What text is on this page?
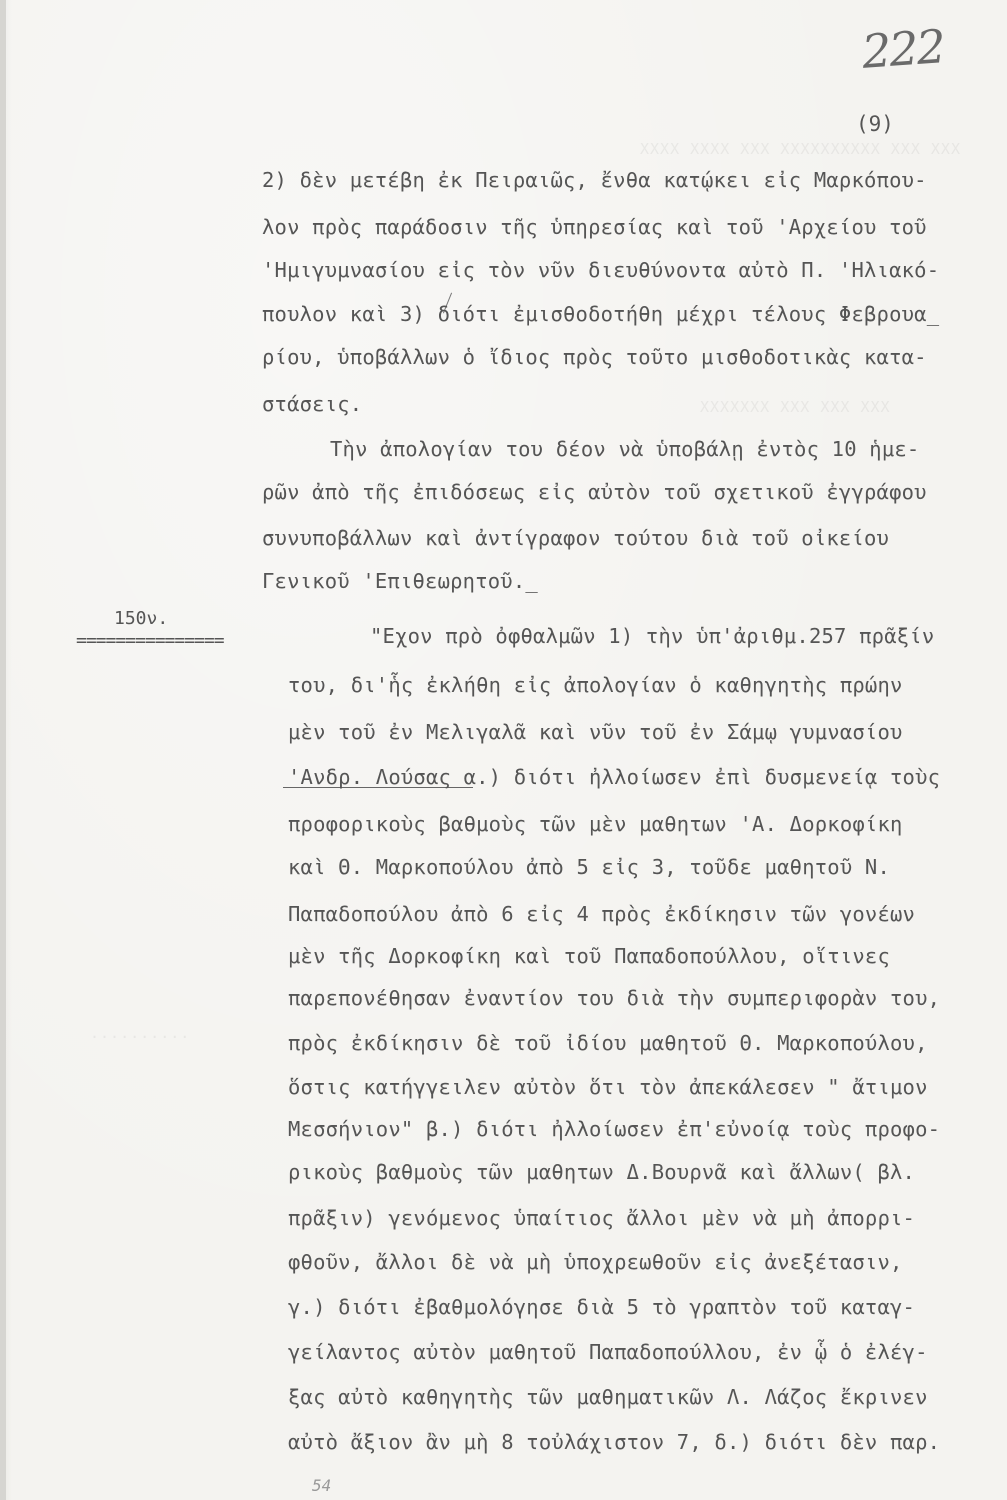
ΧΧΧΧ ΧΧΧΧ ΧΧΧ ΧΧΧΧΧΧΧΧΧΧ ΧΧΧ ΧΧΧ
ΧΧΧΧΧΧΧ ΧΧΧ ΧΧΧ ΧΧΧ
..........
222
(9)
150ν.
===============
2) δὲν μετέβη ἐκ Πειραιῶς, ἔνθα κατῴκει εἰς Μαρκόπου-
λον πρὸς παράδοσιν τῆς ὑπηρεσίας καὶ τοῦ 'Αρχείου τοῦ
'Ημιγυμνασίου εἰς τὸν νῦν διευθύνοντα αὐτὸ Π. 'Ηλιακό-
πουλον καὶ 3) διότι ἐμισθοδοτήθη μέχρι τέλους Φεβρουα_
ρίου, ὑποβάλλων ὁ ἴδιος πρὸς τοῦτο μισθοδοτικὰς κατα-
στάσεις.
Τὴν ἀπολογίαν του δέον νὰ ὑποβάλῃ ἐντὸς 10 ἡμε-
ρῶν ἀπὸ τῆς ἐπιδόσεως εἰς αὐτὸν τοῦ σχετικοῦ ἐγγράφου
συνυποβάλλων καὶ ἀντίγραφον τούτου διὰ τοῦ οἰκείου
Γενικοῦ 'Επιθεωρητοῦ._
"Εχον πρὸ ὀφθαλμῶν 1) τὴν ὑπ'ἀριθμ.257 πρᾶξίν
του, δι'ἧς ἐκλήθη εἰς ἀπολογίαν ὁ καθηγητὴς πρώην
μὲν τοῦ ἐν Μελιγαλᾶ καὶ νῦν τοῦ ἐν Σάμῳ γυμνασίου
'Ανδρ. Λούσας α.) διότι ἠλλοίωσεν ἐπὶ δυσμενείᾳ τοὺς
προφορικοὺς βαθμοὺς τῶν μὲν μαθητων 'Α. Δορκοφίκη
καὶ Θ. Μαρκοπούλου ἀπὸ 5 εἰς 3, τοῦδε μαθητοῦ Ν.
Παπαδοπούλου ἀπὸ 6 εἰς 4 πρὸς ἐκδίκησιν τῶν γονέων
μὲν τῆς Δορκοφίκη καὶ τοῦ Παπαδοπούλλου, οἵτινες
παρεπονέθησαν ἐναντίον του διὰ τὴν συμπεριφορὰν του,
πρὸς ἐκδίκησιν δὲ τοῦ ἰδίου μαθητοῦ Θ. Μαρκοπούλου,
ὅστις κατήγγειλεν αὐτὸν ὅτι τὸν ἀπεκάλεσεν " ἄτιμον
Μεσσήνιον" β.) διότι ἠλλοίωσεν ἐπ'εὐνοίᾳ τοὺς προφο-
ρικοὺς βαθμοὺς τῶν μαθητων Δ.Βουρνᾶ καὶ ἄλλων( βλ.
πρᾶξιν) γενόμενος ὑπαίτιος ἄλλοι μὲν νὰ μὴ ἀπορρι-
φθοῦν, ἄλλοι δὲ νὰ μὴ ὑποχρεωθοῦν εἰς ἀνεξέτασιν,
γ.) διότι ἐβαθμολόγησε διὰ 5 τὸ γραπτὸν τοῦ καταγ-
γείλαντος αὐτὸν μαθητοῦ Παπαδοπούλλου, ἐν ᾧ ὁ ἐλέγ-
ξας αὐτὸ καθηγητὴς τῶν μαθηματικῶν Λ. Λάζος ἔκρινεν
αὐτὸ ἄξιον ἂν μὴ 8 τοὐλάχιστον 7, δ.) διότι δὲν παρ.
54
